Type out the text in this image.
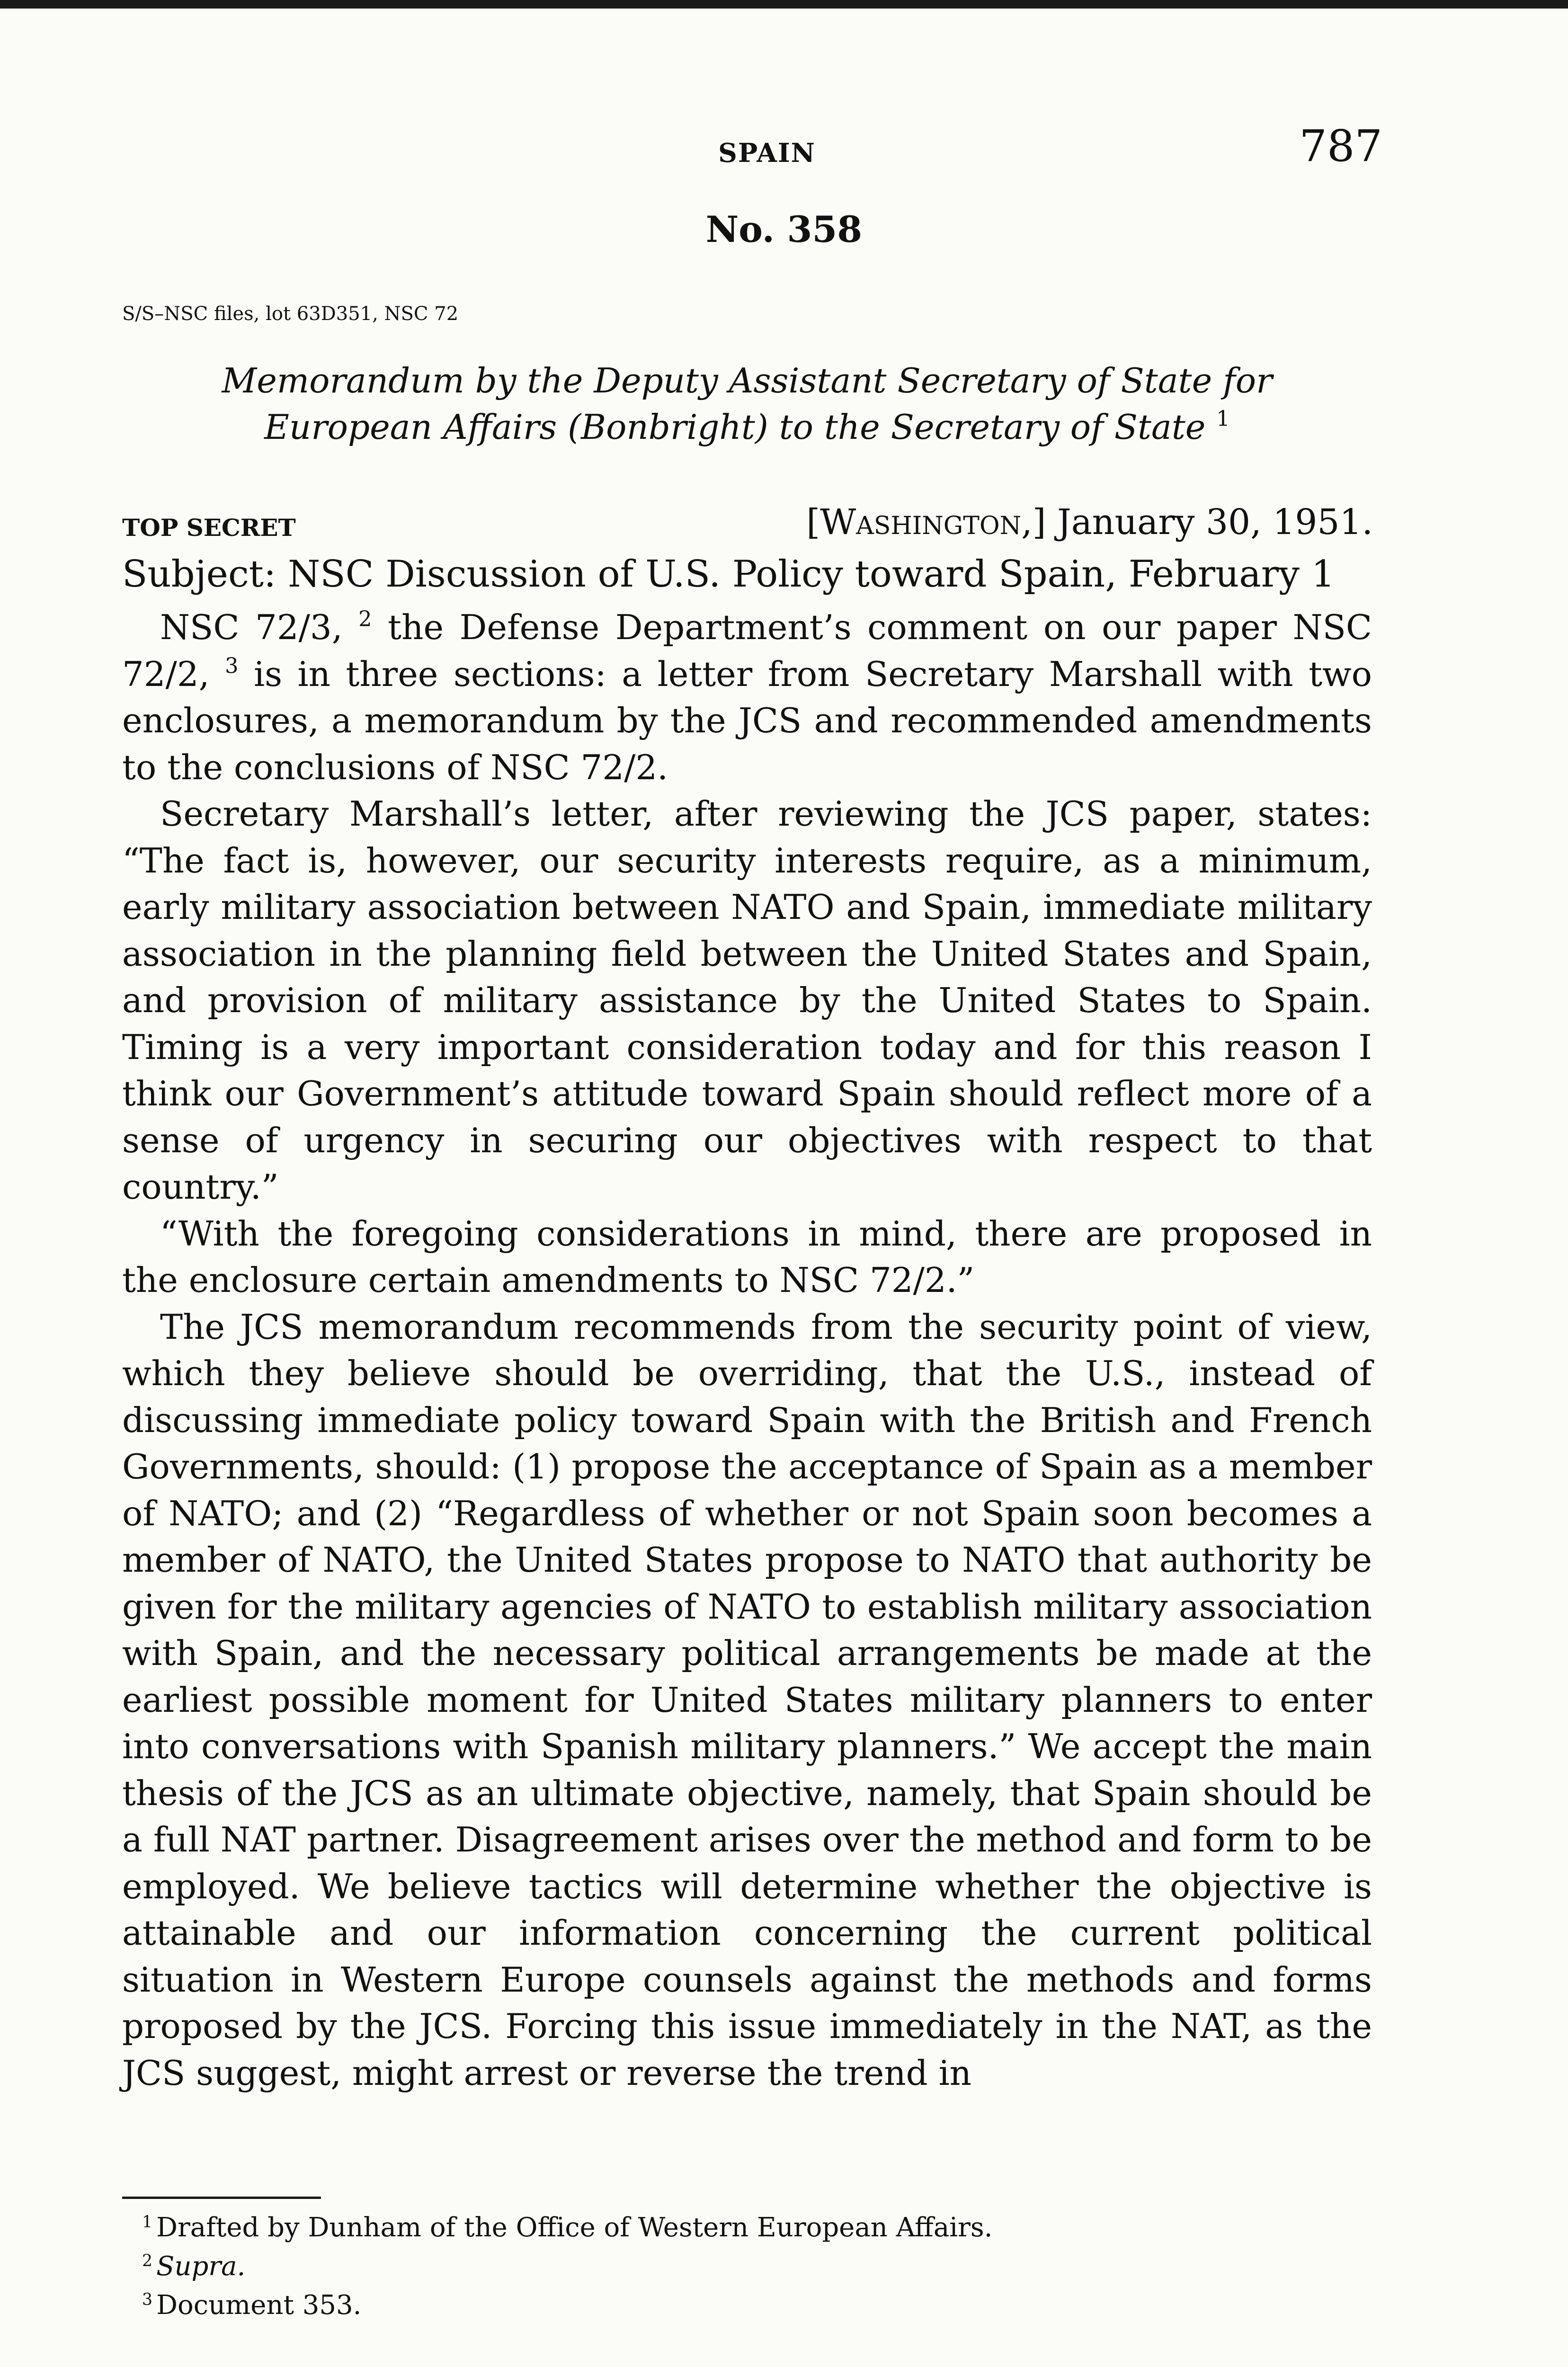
SPAIN	787
No. 358
S/S–NSC files, lot 63D351, NSC 72
Memorandum by the Deputy Assistant Secretary of State for
European Affairs (Bonbright) to the Secretary of State $^1$
TOP SECRET	[Washington,] January 30, 1951.
Subject: NSC Discussion of U.S. Policy toward Spain, February 1

NSC 72/3, $^2$ the Defense Department’s comment on our paper NSC 72/2, $^3$ is in three sections: a letter from Secretary Marshall with two enclosures, a memorandum by the JCS and recommended amendments to the conclusions of NSC 72/2.

Secretary Marshall’s letter, after reviewing the JCS paper, states: “The fact is, however, our security interests require, as a minimum, early military association between NATO and Spain, immediate military association in the planning field between the United States and Spain, and provision of military assistance by the United States to Spain. Timing is a very important consideration today and for this reason I think our Government’s attitude toward Spain should reflect more of a sense of urgency in securing our objectives with respect to that country.”

“With the foregoing considerations in mind, there are proposed in the enclosure certain amendments to NSC 72/2.”

The JCS memorandum recommends from the security point of view, which they believe should be overriding, that the U.S., instead of discussing immediate policy toward Spain with the British and French Governments, should: (1) propose the acceptance of Spain as a member of NATO; and (2) “Regardless of whether or not Spain soon becomes a member of NATO, the United States propose to NATO that authority be given for the military agencies of NATO to establish military association with Spain, and the necessary political arrangements be made at the earliest possible moment for United States military planners to enter into conversations with Spanish military planners.” We accept the main thesis of the JCS as an ultimate objective, namely, that Spain should be a full NAT partner. Disagreement arises over the method and form to be employed. We believe tactics will determine whether the objective is attainable and our information concerning the current political situation in Western Europe counsels against the methods and forms proposed by the JCS. Forcing this issue immediately in the NAT, as the JCS suggest, might arrest or reverse the trend in

$^1$ Drafted by Dunham of the Office of Western European Affairs.
$^2$ Supra.
$^3$ Document 353.
